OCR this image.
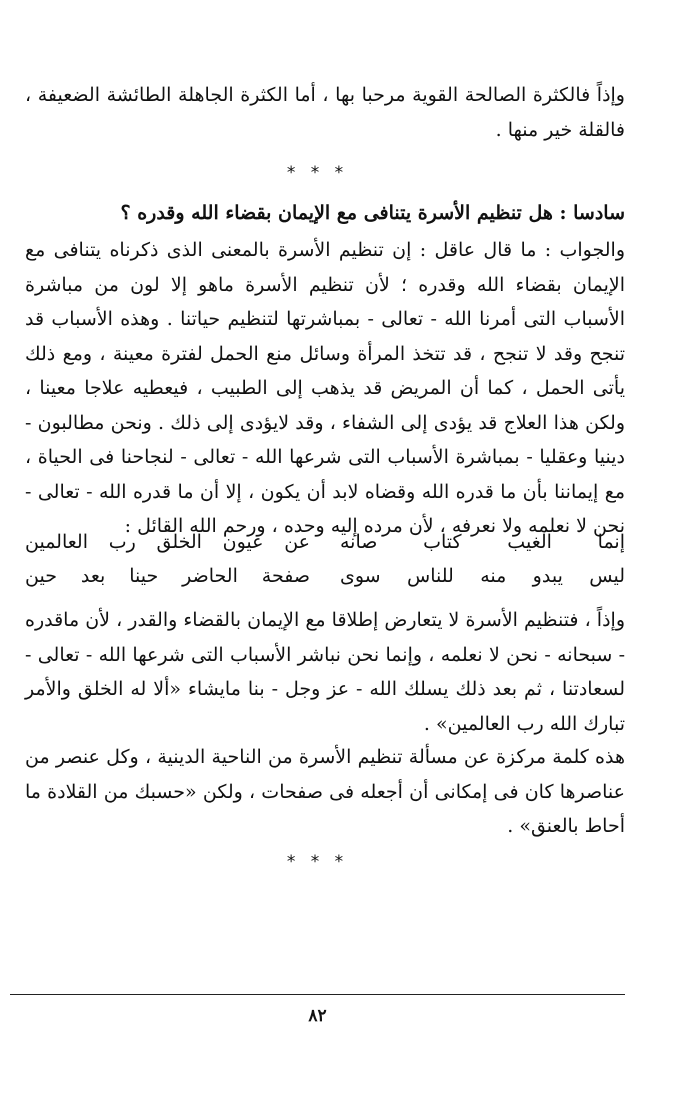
وإذاً فالكثرة الصالحة القوية مرحبا بها ، أما الكثرة الجاهلة الطائشة الضعيفة ، فالقلة خير منها .
* * *
سادسا : هل تنظيم الأسرة يتنافى مع الإيمان بقضاء الله وقدره ؟
والجواب : ما قال عاقل : إن تنظيم الأسرة بالمعنى الذى ذكرناه يتنافى مع الإيمان بقضاء الله وقدره ؛ لأن تنظيم الأسرة ماهو إلا لون من مباشرة الأسباب التى أمرنا الله - تعالى - بمباشرتها لتنظيم حياتنا . وهذه الأسباب قد تنجح وقد لا تنجح ، قد تتخذ المرأة وسائل منع الحمل لفترة معينة ، ومع ذلك يأتى الحمل ، كما أن المريض قد يذهب إلى الطبيب ، فيعطيه علاجا معينا ، ولكن هذا العلاج قد يؤدى إلى الشفاء ، وقد لايؤدى إلى ذلك . ونحن مطالبون - دينيا وعقليا - بمباشرة الأسباب التى شرعها الله - تعالى - لنجاحنا فى الحياة ، مع إيماننا بأن ما قدره الله وقضاه لابد أن يكون ، إلا أن ما قدره الله - تعالى - نحن لا نعلمه ولا نعرفه ، لأن مرده إليه وحده ، ورحم الله القائل :
إنما الغيب كتاب صانه
عن عيون الخلق رب العالمين
ليس يبدو منه للناس سوى
صفحة الحاضر حينا بعد حين
وإذاً ، فتنظيم الأسرة لا يتعارض إطلاقا مع الإيمان بالقضاء والقدر ، لأن ماقدره - سبحانه - نحن لا نعلمه ، وإنما نحن نباشر الأسباب التى شرعها الله - تعالى - لسعادتنا ، ثم بعد ذلك يسلك الله - عز وجل - بنا مايشاء «ألا له الخلق والأمر تبارك الله رب العالمين» .
هذه كلمة مركزة عن مسألة تنظيم الأسرة من الناحية الدينية ، وكل عنصر من عناصرها كان فى إمكانى أن أجعله فى صفحات ، ولكن «حسبك من القلادة ما أحاط بالعنق» .
* * *
٨٢
